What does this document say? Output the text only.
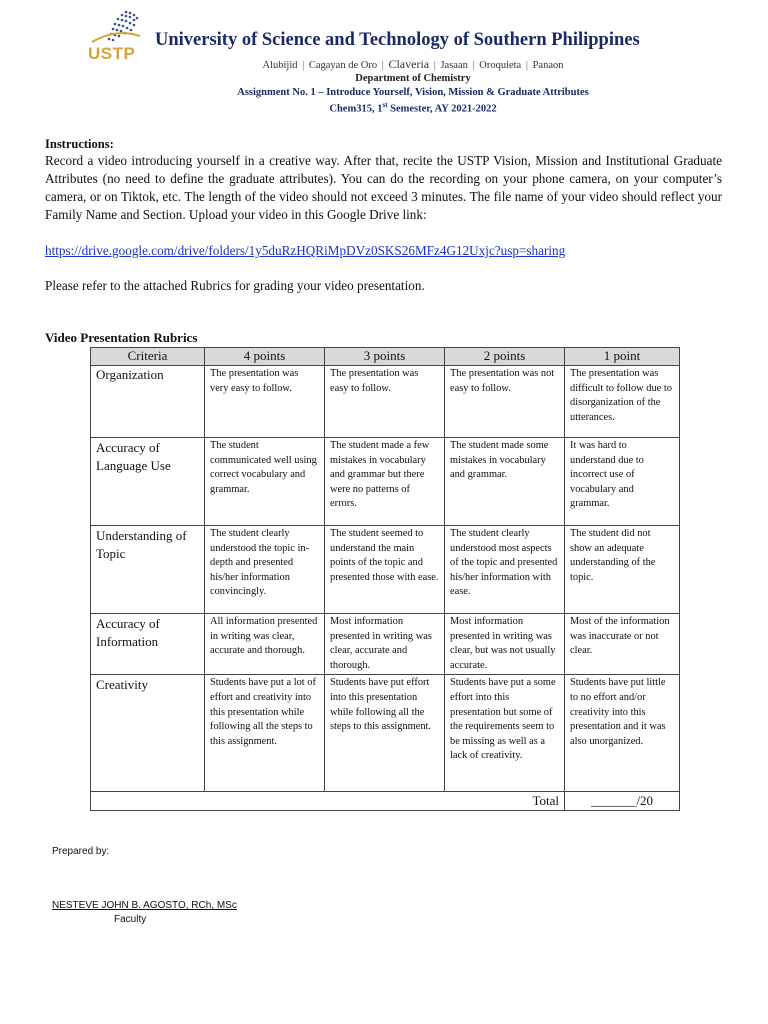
USTP
University of Science and Technology of Southern Philippines
Alubijid | Cagayan de Oro | Claveria | Jasaan | Oroquieta | Panaon
Department of Chemistry
Assignment No. 1 – Introduce Yourself, Vision, Mission & Graduate Attributes
Chem315, 1st Semester, AY 2021-2022
Instructions:
Record a video introducing yourself in a creative way. After that, recite the USTP Vision, Mission and Institutional Graduate Attributes (no need to define the graduate attributes). You can do the recording on your phone camera, on your computer’s camera, or on Tiktok, etc. The length of the video should not exceed 3 minutes. The file name of your video should reflect your Family Name and Section. Upload your video in this Google Drive link:
https://drive.google.com/drive/folders/1y5duRzHQRiMpDVz0SKS26MFz4G12Uxjc?usp=sharing
Please refer to the attached Rubrics for grading your video presentation.
Video Presentation Rubrics
Criteria	4 points	3 points	2 points	1 point
Organization	The presentation was very easy to follow.	The presentation was easy to follow.	The presentation was not easy to follow.	The presentation was difficult to follow due to disorganization of the utterances.
Accuracy of Language Use	The student communicated well using correct vocabulary and grammar.	The student made a few mistakes in vocabulary and grammar but there were no patterns of errors.	The student made some mistakes in vocabulary and grammar.	It was hard to understand due to incorrect use of vocabulary and grammar.
Understanding of Topic	The student clearly understood the topic in-depth and presented his/her information convincingly.	The student seemed to understand the main points of the topic and presented those with ease.	The student clearly understood most aspects of the topic and presented his/her information with ease.	The student did not show an adequate understanding of the topic.
Accuracy of Information	All information presented in writing was clear, accurate and thorough.	Most information presented in writing was clear, accurate and thorough.	Most information presented in writing was clear, but was not usually accurate.	Most of the information was inaccurate or not clear.
Creativity	Students have put a lot of effort and creativity into this presentation while following all the steps to this assignment.	Students have put effort into this presentation while following all the steps to this assignment.	Students have put a some effort into this presentation but some of the requirements seem to be missing as well as a lack of creativity.	Students have put little to no effort and/or creativity into this presentation and it was also unorganized.
Total				_______/20
Prepared by:
NESTEVE JOHN B. AGOSTO, RCh, MSc
Faculty
